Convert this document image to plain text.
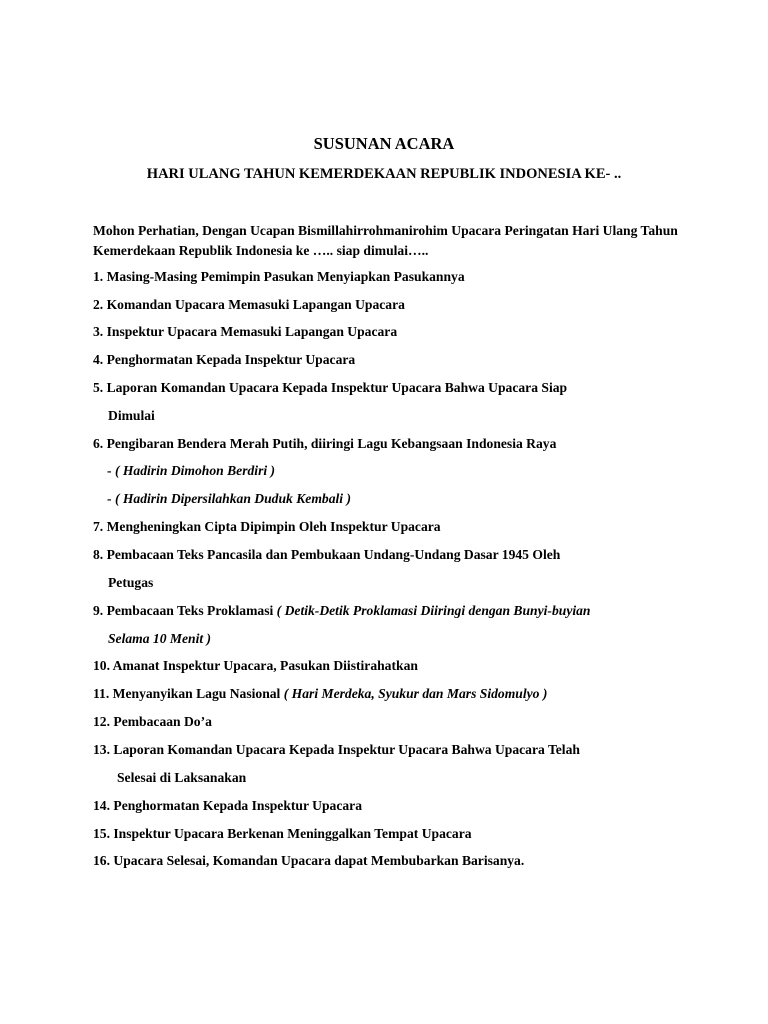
SUSUNAN ACARA
HARI ULANG TAHUN KEMERDEKAAN REPUBLIK INDONESIA KE- ..
Mohon Perhatian, Dengan Ucapan Bismillahirrohmanirohim Upacara Peringatan Hari Ulang Tahun Kemerdekaan Republik Indonesia ke ….. siap dimulai…..
1. Masing-Masing Pemimpin Pasukan Menyiapkan Pasukannya
2. Komandan Upacara Memasuki Lapangan Upacara
3. Inspektur Upacara Memasuki Lapangan Upacara
4. Penghormatan Kepada Inspektur Upacara
5. Laporan Komandan Upacara Kepada Inspektur Upacara Bahwa Upacara Siap
Dimulai
6. Pengibaran Bendera Merah Putih, diiringi Lagu Kebangsaan Indonesia Raya
- ( Hadirin Dimohon Berdiri )
- ( Hadirin Dipersilahkan Duduk Kembali )
7. Mengheningkan Cipta Dipimpin Oleh Inspektur Upacara
8. Pembacaan Teks Pancasila dan Pembukaan Undang-Undang Dasar 1945 Oleh
Petugas
9. Pembacaan Teks Proklamasi ( Detik-Detik Proklamasi Diiringi dengan Bunyi-buyian
Selama 10 Menit )
10. Amanat Inspektur Upacara, Pasukan Diistirahatkan
11. Menyanyikan Lagu Nasional ( Hari Merdeka, Syukur dan Mars Sidomulyo )
12. Pembacaan Do’a
13. Laporan Komandan Upacara Kepada Inspektur Upacara Bahwa Upacara Telah
Selesai di Laksanakan
14. Penghormatan Kepada Inspektur Upacara
15. Inspektur Upacara Berkenan Meninggalkan Tempat Upacara
16. Upacara Selesai, Komandan Upacara dapat Membubarkan Barisanya.
